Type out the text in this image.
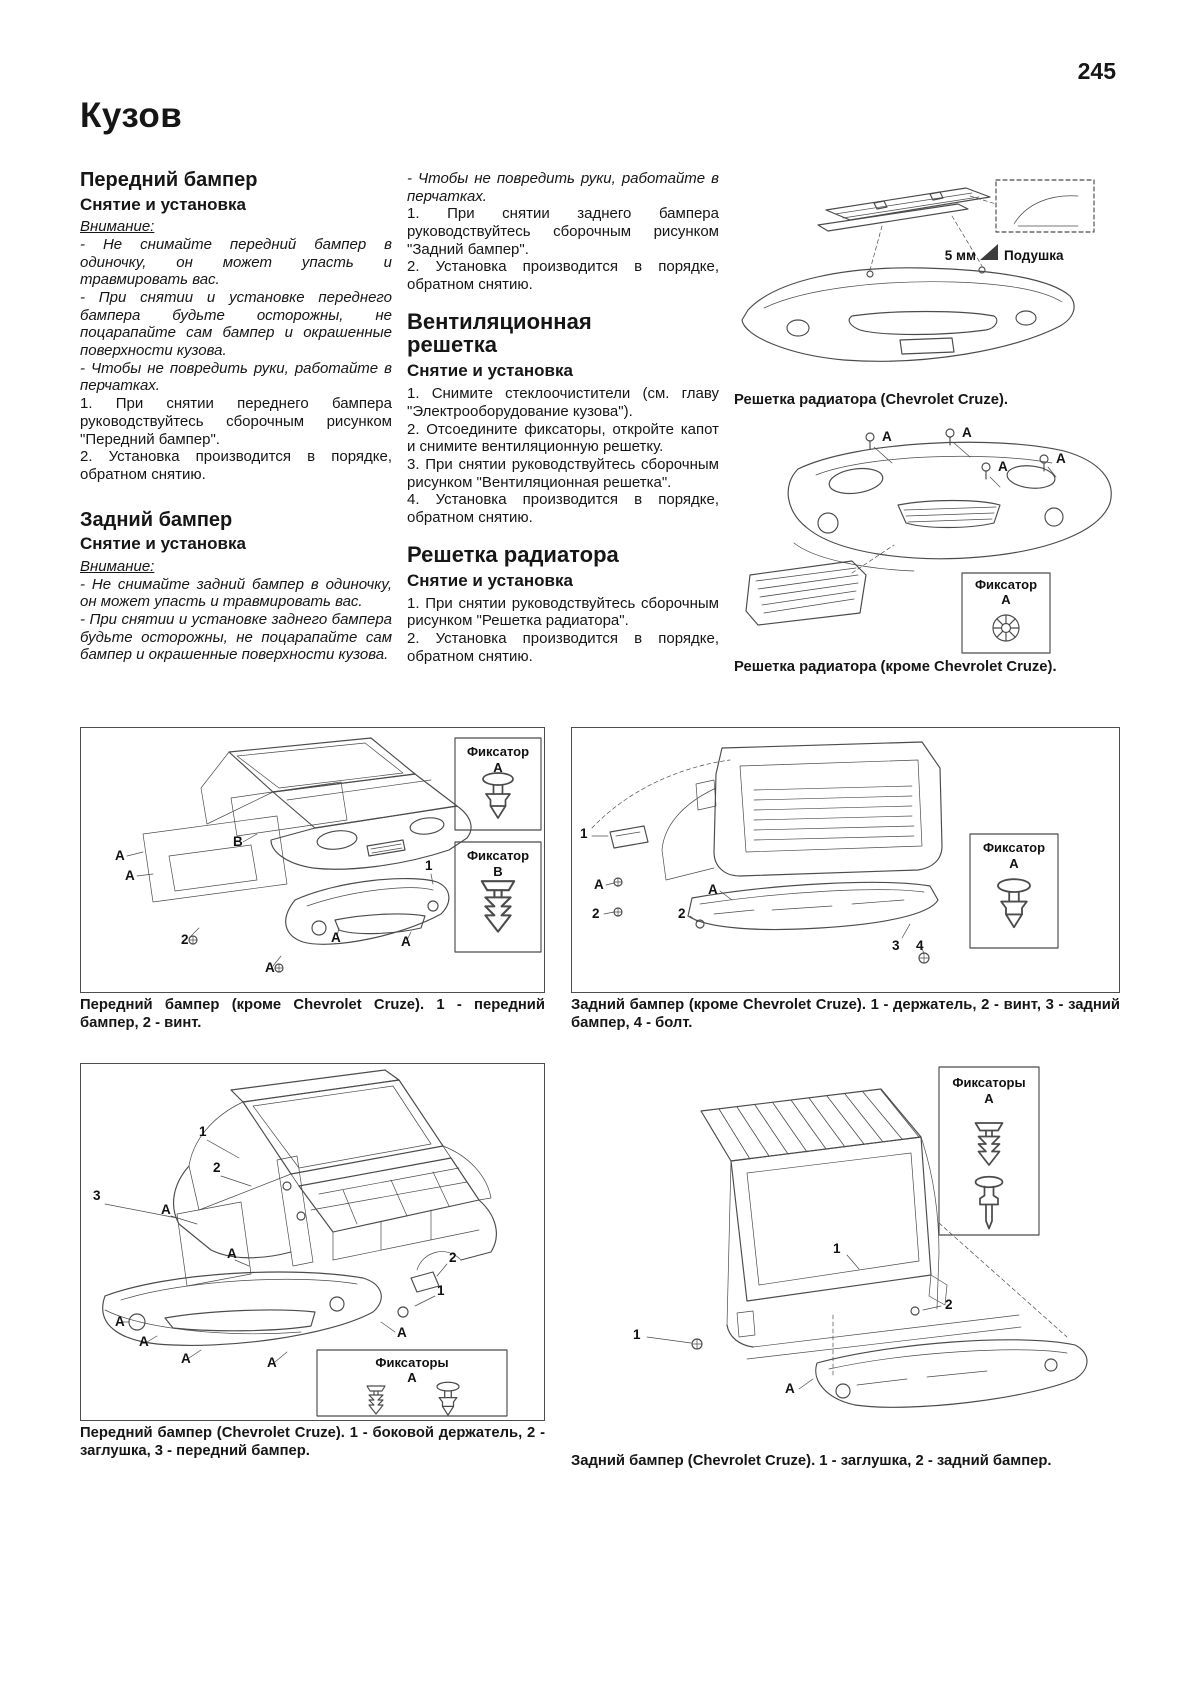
245
Кузов
Передний бампер
Снятие и установка

Внимание:

- Не снимайте передний бампер в одиночку, он может упасть и травмировать вас.

- При снятии и установке переднего бампера будьте осторожны, не поцарапайте сам бампер и окрашенные поверхности кузова.

- Чтобы не повредить руки, работайте в перчатках.

1. При снятии переднего бампера руководствуйтесь сборочным рисунком "Передний бампер".

2. Установка производится в порядке, обратном снятию.

Задний бампер
Снятие и установка

Внимание:

- Не снимайте задний бампер в одиночку, он может упасть и травмировать вас.

- При снятии и установке заднего бампера будьте осторожны, не поцарапайте сам бампер и окрашенные поверхности кузова.

- Чтобы не повредить руки, работайте в перчатках.

1. При снятии заднего бампера руководствуйтесь сборочным рисунком "Задний бампер".

2. Установка производится в порядке, обратном снятию.

Вентиляционная решетка
Снятие и установка

1. Снимите стеклоочистители (см. главу "Электрооборудование кузова").

2. Отсоедините фиксаторы, откройте капот и снимите вентиляционную решетку.

3. При снятии руководствуйтесь сборочным рисунком "Вентиляционная решетка".

4. Установка производится в порядке, обратном снятию.

Решетка радиатора
Снятие и установка

1. При снятии руководствуйтесь сборочным рисунком "Решетка радиатора".

2. Установка производится в порядке, обратном снятию.

5 мм Подушка
Решетка радиатора (Chevrolet Cruze).
А	А
А
А
Фиксатор
А
Решетка радиатора (кроме Chevrolet Cruze).
А
А
В
1
2
А
А	А
Фиксатор
А
Фиксатор
В
Передний бампер (кроме Chevrolet Cruze). 1 - передний бампер, 2 - винт.
1
А
2	2
А
3 4
Фиксатор
А
Задний бампер (кроме Chevrolet Cruze). 1 - держатель, 2 - винт, 3 - задний бампер, 4 - болт.
1
2
3
А
А
А
А
А	А
2
1
А
Фиксаторы
А
Передний бампер (Chevrolet Cruze). 1 - боковой держатель, 2 - заглушка, 3 - передний бампер.
1
2
1
А
Фиксаторы
А
Задний бампер (Chevrolet Cruze). 1 - заглушка, 2 - задний бампер.
